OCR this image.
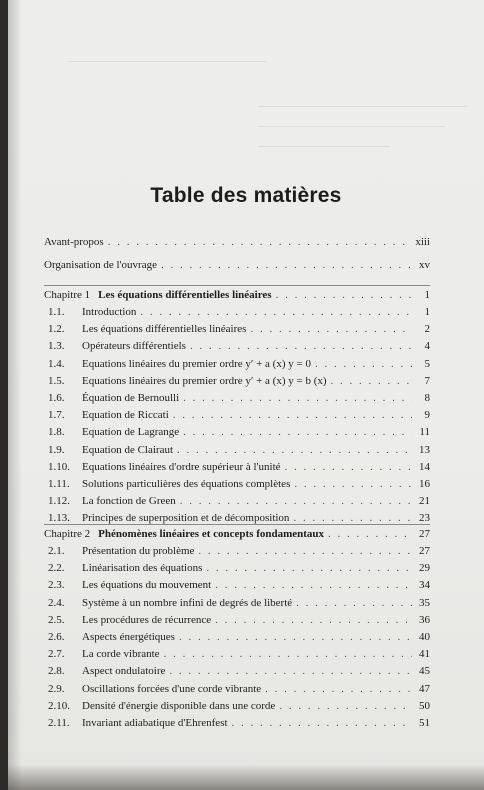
——————————————————
———————————————————
—————————————————
————————————
Table des matières
Avant-propos . . .	xiii
Organisation de l'ouvrage . . .	xv
Chapitre 1 Les équations différentielles linéaires . . .	1
1.1.	Introduction . . .	1
1.2.	Les équations différentielles linéaires . . .	2
1.3.	Opérateurs différentiels . . .	4
1.4.	Equations linéaires du premier ordre y′ + a (x) y = 0 . . .	5
1.5.	Equations linéaires du premier ordre y′ + a (x) y = b (x) . . .	7
1.6.	Équation de Bernoulli . . .	8
1.7.	Equation de Riccati . . .	9
1.8.	Equation de Lagrange . . .	11
1.9.	Equation de Clairaut . . .	13
1.10.	Equations linéaires d'ordre supérieur à l'unité . . .	14
1.11.	Solutions particulières des équations complètes . . .	16
1.12.	La fonction de Green . . .	21
1.13.	Principes de superposition et de décomposition . . .	23
Chapitre 2 Phénomènes linéaires et concepts fondamentaux . . .	27
2.1.	Présentation du problème . . .	27
2.2.	Linéarisation des équations . . .	29
2.3.	Les équations du mouvement . . .	34
2.4.	Système à un nombre infini de degrés de liberté . . .	35
2.5.	Les procédures de récurrence . . .	36
2.6.	Aspects énergétiques . . .	40
2.7.	La corde vibrante . . .	41
2.8.	Aspect ondulatoire . . .	45
2.9.	Oscillations forcées d'une corde vibrante . . .	47
2.10.	Densité d'énergie disponible dans une corde . . .	50
2.11.	Invariant adiabatique d'Ehrenfest . . .	51
